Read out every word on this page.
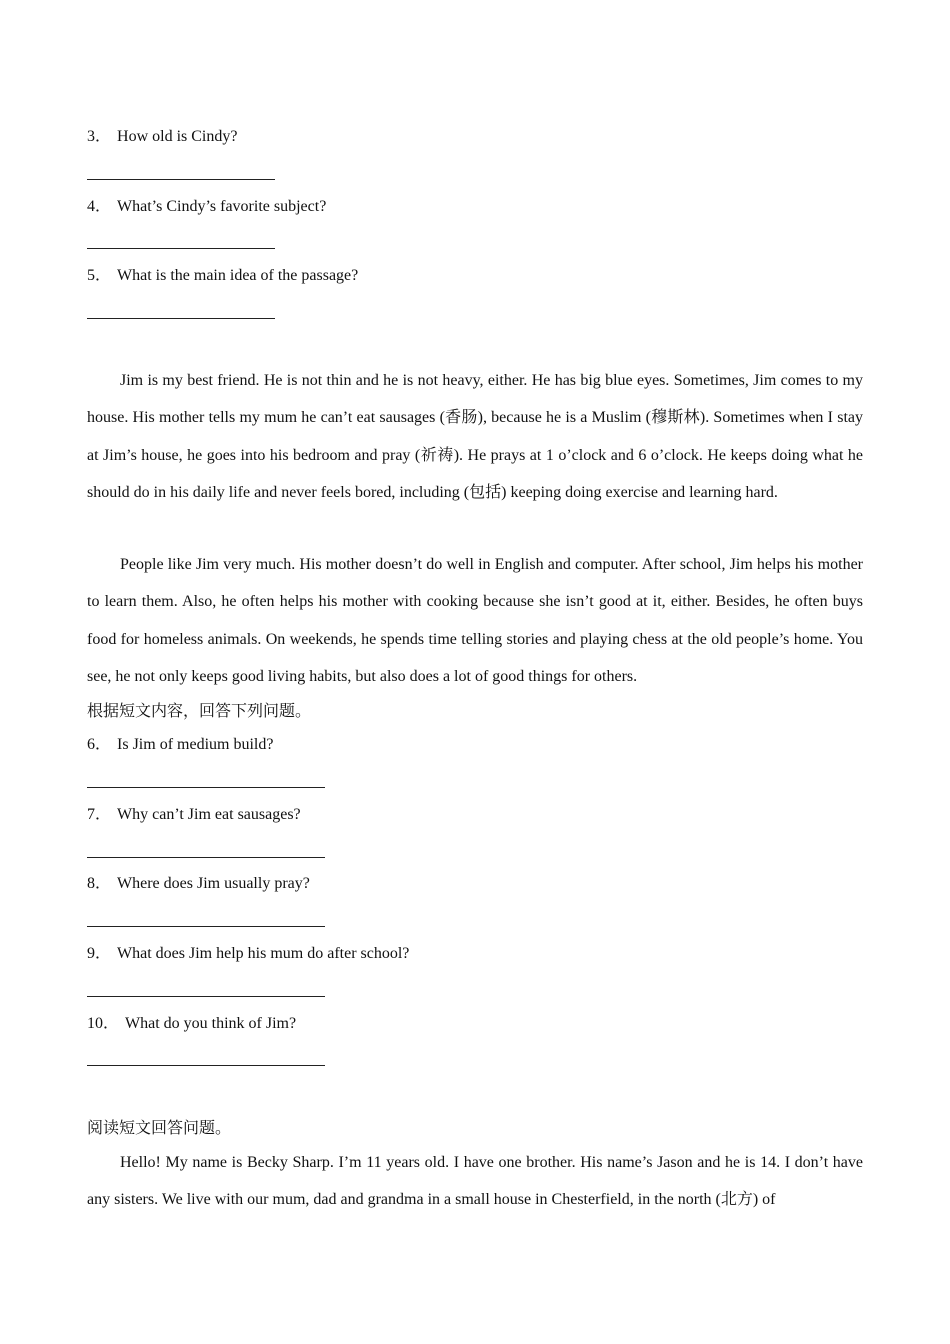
3． How old is Cindy?
4． What’s Cindy’s favorite subject?
5． What is the main idea of the passage?

Jim is my best friend. He is not thin and he is not heavy, either. He has big blue eyes. Sometimes, Jim comes to my house. His mother tells my mum he can’t eat sausages (香肠), because he is a Muslim (穆斯林). Sometimes when I stay at Jim’s house, he goes into his bedroom and pray (祈祷). He prays at 1 o’clock and 6 o’clock. He keeps doing what he should do in his daily life and never feels bored, including (包括) keeping doing exercise and learning hard.

People like Jim very much. His mother doesn’t do well in English and computer. After school, Jim helps his mother to learn them. Also, he often helps his mother with cooking because she isn’t good at it, either. Besides, he often buys food for homeless animals. On weekends, he spends time telling stories and playing chess at the old people’s home. You see, he not only keeps good living habits, but also does a lot of good things for others.

根据短文内容，回答下列问题。
6． Is Jim of medium build?
7． Why can’t Jim eat sausages?
8． Where does Jim usually pray?
9． What does Jim help his mum do after school?
10． What do you think of Jim?
阅读短文回答问题。

Hello! My name is Becky Sharp. I’m 11 years old. I have one brother. His name’s Jason and he is 14. I don’t have any sisters. We live with our mum, dad and grandma in a small house in Chesterfield, in the north (北方) of
